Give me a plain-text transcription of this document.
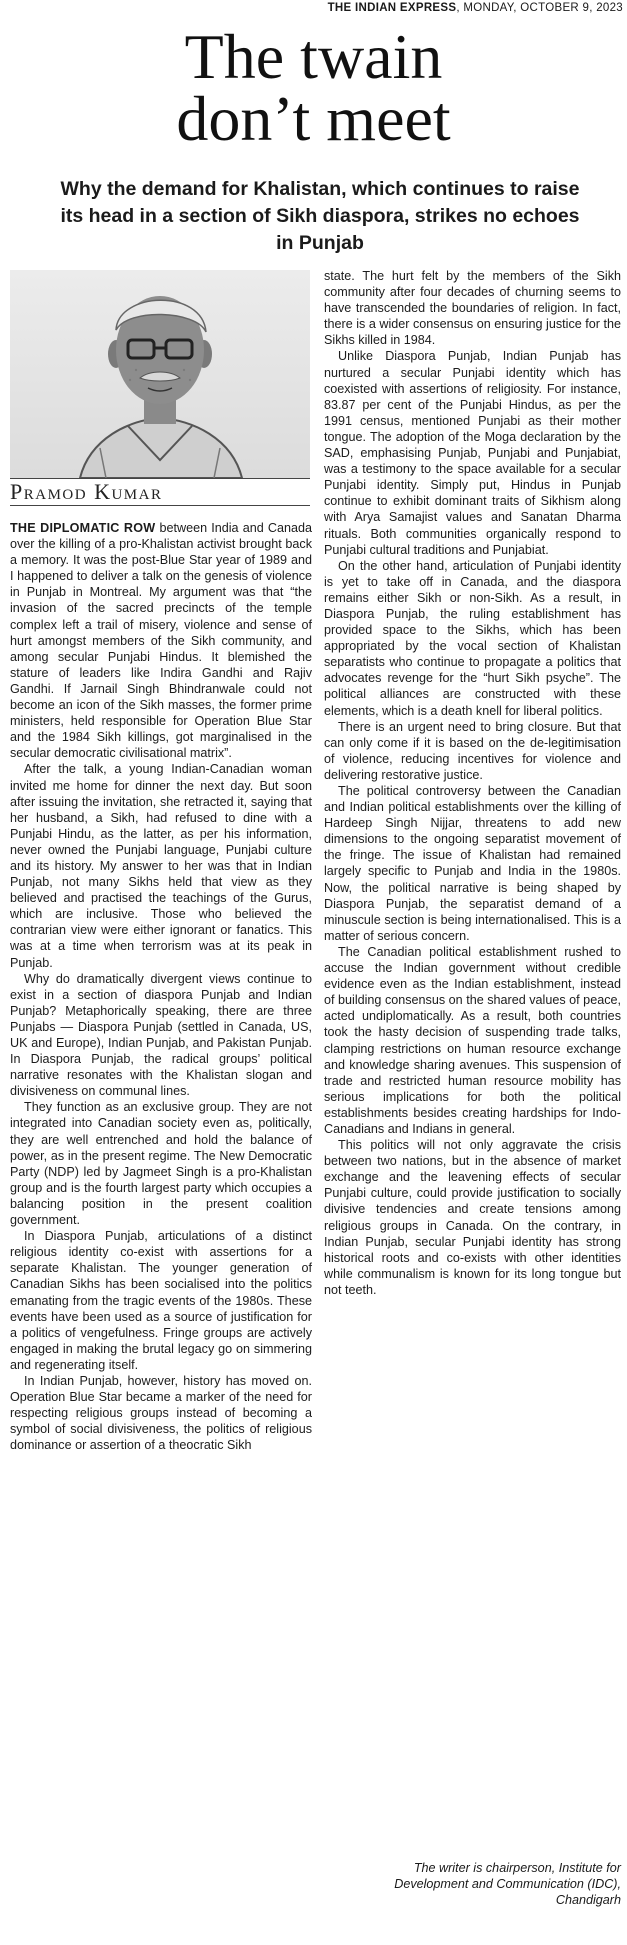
THE INDIAN EXPRESS, MONDAY, OCTOBER 9, 2023
The twain
don’t meet
Why the demand for Khalistan, which continues to raise its head in a section of Sikh diaspora, strikes no echoes in Punjab
Pramod Kumar

THE DIPLOMATIC ROW between India and Canada over the killing of a pro-Khalistan activist brought back a memory. It was the post-Blue Star year of 1989 and I happened to deliver a talk on the genesis of violence in Punjab in Montreal. My argument was that “the invasion of the sacred precincts of the temple complex left a trail of misery, violence and sense of hurt amongst members of the Sikh community, and among secular Punjabi Hindus. It blemished the stature of leaders like Indira Gandhi and Rajiv Gandhi. If Jarnail Singh Bhindranwale could not become an icon of the Sikh masses, the former prime ministers, held responsible for Operation Blue Star and the 1984 Sikh killings, got marginalised in the secular democratic civilisational matrix”.

After the talk, a young Indian-Canadian woman invited me home for dinner the next day. But soon after issuing the invitation, she retracted it, saying that her husband, a Sikh, had refused to dine with a Punjabi Hindu, as the latter, as per his information, never owned the Punjabi language, Punjabi culture and its history. My answer to her was that in Indian Punjab, not many Sikhs held that view as they believed and practised the teachings of the Gurus, which are inclusive. Those who believed the contrarian view were either ignorant or fanatics. This was at a time when terrorism was at its peak in Punjab.

Why do dramatically divergent views continue to exist in a section of diaspora Punjab and Indian Punjab? Metaphorically speaking, there are three Punjabs — Diaspora Punjab (settled in Canada, US, UK and Europe), Indian Punjab, and Pakistan Punjab. In Diaspora Punjab, the radical groups’ political narrative resonates with the Khalistan slogan and divisiveness on communal lines.

They function as an exclusive group. They are not integrated into Canadian society even as, politically, they are well entrenched and hold the balance of power, as in the present regime. The New Democratic Party (NDP) led by Jagmeet Singh is a pro-Khalistan group and is the fourth largest party which occupies a balancing position in the present coalition government.

In Diaspora Punjab, articulations of a distinct religious identity co-exist with assertions for a separate Khalistan. The younger generation of Canadian Sikhs has been socialised into the politics emanating from the tragic events of the 1980s. These events have been used as a source of justification for a politics of vengefulness. Fringe groups are actively engaged in making the brutal legacy go on simmering and regenerating itself.

In Indian Punjab, however, history has moved on. Operation Blue Star became a marker of the need for respecting religious groups instead of becoming a symbol of social divisiveness, the politics of religious dominance or assertion of a theocratic Sikh

state. The hurt felt by the members of the Sikh community after four decades of churning seems to have transcended the boundaries of religion. In fact, there is a wider consensus on ensuring justice for the Sikhs killed in 1984.

Unlike Diaspora Punjab, Indian Punjab has nurtured a secular Punjabi identity which has coexisted with assertions of religiosity. For instance, 83.87 per cent of the Punjabi Hindus, as per the 1991 census, mentioned Punjabi as their mother tongue. The adoption of the Moga declaration by the SAD, emphasising Punjab, Punjabi and Punjabiat, was a testimony to the space available for a secular Punjabi identity. Simply put, Hindus in Punjab continue to exhibit dominant traits of Sikhism along with Arya Samajist values and Sanatan Dharma rituals. Both communities organically respond to Punjabi cultural traditions and Punjabiat.

On the other hand, articulation of Punjabi identity is yet to take off in Canada, and the diaspora remains either Sikh or non-Sikh. As a result, in Diaspora Punjab, the ruling establishment has provided space to the Sikhs, which has been appropriated by the vocal section of Khalistan separatists who continue to propagate a politics that advocates revenge for the “hurt Sikh psyche”. The political alliances are constructed with these elements, which is a death knell for liberal politics.

There is an urgent need to bring closure. But that can only come if it is based on the de-legitimisation of violence, reducing incentives for violence and delivering restorative justice.

The political controversy between the Canadian and Indian political establishments over the killing of Hardeep Singh Nijjar, threatens to add new dimensions to the ongoing separatist movement of the fringe. The issue of Khalistan had remained largely specific to Punjab and India in the 1980s. Now, the political narrative is being shaped by Diaspora Punjab, the separatist demand of a minuscule section is being internationalised. This is a matter of serious concern.

The Canadian political establishment rushed to accuse the Indian government without credible evidence even as the Indian establishment, instead of building consensus on the shared values of peace, acted undiplomatically. As a result, both countries took the hasty decision of suspending trade talks, clamping restrictions on human resource exchange and knowledge sharing avenues. This suspension of trade and restricted human resource mobility has serious implications for both the political establishments besides creating hardships for Indo-Canadians and Indians in general.

This politics will not only aggravate the crisis between two nations, but in the absence of market exchange and the leavening effects of secular Punjabi culture, could provide justification to socially divisive tendencies and create tensions among religious groups in Canada. On the contrary, in Indian Punjab, secular Punjabi identity has strong historical roots and co-exists with other identities while communalism is known for its long tongue but not teeth.

The writer is chairperson, Institute for Development and Communication (IDC), Chandigarh
